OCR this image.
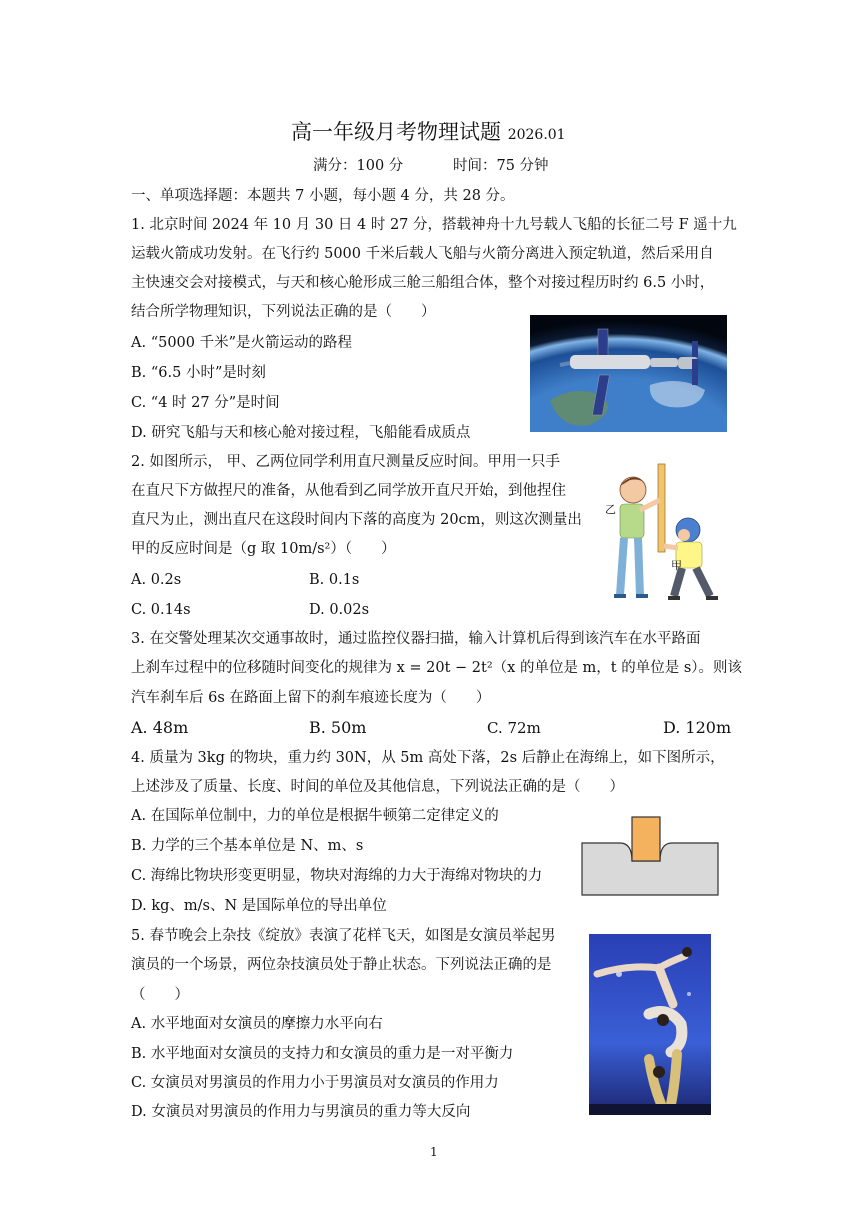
高一年级月考物理试题 2026.01
满分：100 分	时间：75 分钟
一、单项选择题：本题共 7 小题，每小题 4 分，共 28 分。
1. 北京时间 2024 年 10 月 30 日 4 时 27 分，搭载神舟十九号载人飞船的长征二号 F 遥十九
运载火箭成功发射。在飞行约 5000 千米后载人飞船与火箭分离进入预定轨道，然后采用自
主快速交会对接模式，与天和核心舱形成三舱三船组合体，整个对接过程历时约 6.5 小时，
结合所学物理知识，下列说法正确的是（　　）
A. “5000 千米”是火箭运动的路程
B. “6.5 小时”是时刻
C. “4 时 27 分”是时间
D. 研究飞船与天和核心舱对接过程，飞船能看成质点
2. 如图所示， 甲、乙两位同学利用直尺测量反应时间。甲用一只手
在直尺下方做捏尺的准备，从他看到乙同学放开直尺开始，到他捏住
直尺为止，测出直尺在这段时间内下落的高度为 20cm，则这次测量出
甲的反应时间是（g 取 10m/s²）（　　）
A. 0.2s	B. 0.1s
C. 0.14s	D. 0.02s
乙
甲
3. 在交警处理某次交通事故时，通过监控仪器扫描，输入计算机后得到该汽车在水平路面
上刹车过程中的位移随时间变化的规律为 x = 20t − 2t²（x 的单位是 m，t 的单位是 s）。则该
汽车刹车后 6s 在路面上留下的刹车痕迹长度为（　　）
A. 48m	B. 50m	C. 72m	D. 120m
4. 质量为 3kg 的物块，重力约 30N，从 5m 高处下落，2s 后静止在海绵上，如下图所示，
上述涉及了质量、长度、时间的单位及其他信息，下列说法正确的是（　　）
A. 在国际单位制中，力的单位是根据牛顿第二定律定义的
B. 力学的三个基本单位是 N、m、s
C. 海绵比物块形变更明显，物块对海绵的力大于海绵对物块的力
D. kg、m/s、N 是国际单位的导出单位
5. 春节晚会上杂技《绽放》表演了花样飞天，如图是女演员举起男
演员的一个场景，两位杂技演员处于静止状态。下列说法正确的是
（　　）
A. 水平地面对女演员的摩擦力水平向右
B. 水平地面对女演员的支持力和女演员的重力是一对平衡力
C. 女演员对男演员的作用力小于男演员对女演员的作用力
D. 女演员对男演员的作用力与男演员的重力等大反向
1
